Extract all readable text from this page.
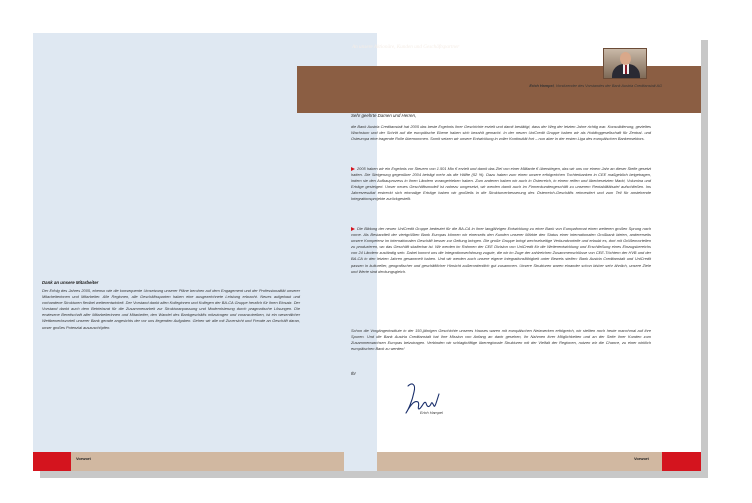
An unsere Aktionäre, Kunden und Geschäftspartner
Erich Hampel, Vorsitzender des Vorstandes der Bank Austria Creditanstalt AG
Sehr geehrte Damen und Herren,

die Bank Austria Creditanstalt hat 2005 das beste Ergebnis ihrer Geschichte erzielt und damit bestätigt, dass der Weg der letzten Jahre richtig war. Konsolidierung, gezieltes Wachstum und der Schritt auf die europäische Ebene haben sich bezahlt gemacht. In der neuen UniCredit Gruppe haben wir als Holdinggesellschaft für Zentral- und Osteuropa eine tragende Rolle übernommen. Somit setzen wir unsere Entwicklung in voller Kontinuität fort – nun aber in der ersten Liga des europäischen Bankensektors.

2005 haben wir ein Ergebnis vor Steuern von 1.501 Mio € erzielt und damit das Ziel von einer Milliarde € überstiegen, das wir uns vor einem Jahr an dieser Stelle gesetzt hatten. Die Steigerung gegenüber 2004 beträgt mehr als die Hälfte (52 %). Dazu haben zum einen unsere erfolgreichen Tochterbanken in CEE maßgeblich beigetragen, indem sie den Aufbauprozess in ihren Ländern vorangetrieben haben. Zum anderen haben wir auch in Österreich, in einem reifen und überbesetzten Markt, Volumina und Erträge gesteigert. Unser neues Geschäftsmodell ist nahezu umgesetzt, wir werden damit auch im Firmenkundengeschäft zu unserem Rentabilitätsziel aufschließen. Ins Jahresresultat erstreckt sich einmalige Erträge haben wir großteils in die Strukturverbesserung des Österreich-Geschäfts reinvestiert und zum Teil für anstehende Integrationsprojekte zurückgestellt.

Die Bildung der neuen UniCredit Gruppe bedeutet für die BA-CA in ihrer langjährigen Entwicklung zu einer Bank von Europaformat einen weiteren großen Sprung nach vorne. Als Bestandteil der viertgrößten Bank Europas können wir einerseits den Kunden unserer Märkte den Status einer internationalen Großbank bieten, andererseits unsere Kompetenz im internationalen Geschäft besser zur Geltung bringen. Die große Gruppe bringt wechselseitige Verbundvorteile und erlaubt es, dort mit Größenvorteilen zu produzieren, wo das Geschäft skalierbar ist. Wir werden im Rahmen der CEE Division von UniCredit für die Weiterentwicklung und Erschließung eines Einzugsbereichs von 24 Ländern zuständig sein. Dabei kommt uns die Integrationserfahrung zugute, die wir im Zuge der zahlreichen Zusammenschlüsse von CEE-Töchtern der HVB und der BA-CA in den letzten Jahren gesammelt haben. Und wir werden auch unsere eigene Integrationsfähigkeit unter Beweis stellen: Bank Austria Creditanstalt und UniCredit passen in kultureller, geografischer und geschäftlicher Hinsicht außerordentlich gut zusammen. Unsere Strukturen waren einander schon bisher sehr ähnlich, unsere Ziele und Werte sind deckungsgleich.

Schon die Vorgängerinstitute in der 150-jährigen Geschichte unseres Hauses waren mit europäischen Netzwerken erfolgreich, wir stellten noch heute manchmal auf ihre Spuren. Und die Bank Austria Creditanstalt hat ihre Mission von Anfang an darin gesehen, ihr Nahmen ihrer Möglichkeiten und an der Seite ihrer Kunden zum Zusammenwachsen Europas beizutragen. Verbinden wir schlagkräftige überregionale Strukturen mit der Vielfalt der Regionen, nutzen wir die Chance, zu einer wirklich europäischen Bank zu werden!

Ihr
Erich Hampel
Dank an unsere Mitarbeiter

Der Erfolg des Jahres 2005, ebenso wie die konsequente Umsetzung unserer Pläne beruhen auf dem Engagement und der Professionalität unserer Mitarbeiterinnen und Mitarbeiter. Alle Regionen, alle Geschäftssparten haben eine ausgezeichnete Leistung erbracht. Neues aufgebaut und vorhandene Strukturen flexibel weiterentwickelt. Der Vorstand dankt allen Kolleginnen und Kollegen der BA-CA Gruppe herzlich für ihren Einsatz. Der Vorstand dankt auch dem Betriebsrat für die Zusammenarbeit zur Strukturanpassung und Modernisierung durch pragmatische Lösungen. Die erwiesene Bereitschaft aller Mitarbeiterinnen und Mitarbeiter, den Wandel des Bankgeschäfts mitzutragen und voranzutreiben, ist ein wesentlicher Wettbewerbsvorteil unserer Bank gerade angesichts der vor uns liegenden Aufgaben. Gehen wir alle mit Zuversicht und Freude an Geschäft daran, unser großes Potenzial auszuschöpfen.

Vorwort	Vorwort
